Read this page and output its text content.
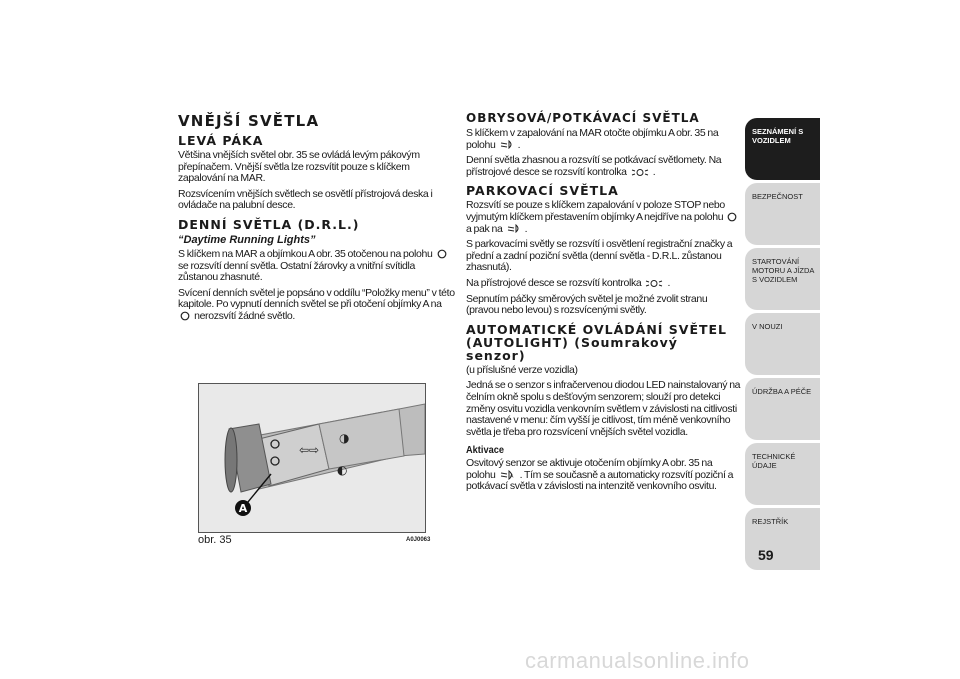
VNĚJŠÍ SVĚTLA
LEVÁ PÁKA

Většina vnějších světel obr. 35 se ovládá levým pákovým přepínačem. Vnější světla lze rozsvítit pouze s klíčkem zapalování na MAR.

Rozsvícením vnějších světlech se osvětlí přístrojová deska i ovládače na palubní desce.

DENNÍ SVĚTLA (D.R.L.)
“Daytime Running Lights”

S klíčkem na MAR a objímkou A obr. 35 otočenou na polohu  se rozsvítí denní světla. Ostatní žárovky a vnitřní svítidla zůstanou zhasnuté.

Svícení denních světel je popsáno v oddílu “Položky menu” v této kapitole. Po vypnutí denních světel se při otočení objímky A na  nerozsvítí žádné světlo.

⇦⇨
◑
◐
A
obr. 35	A0J0063
OBRYSOVÁ/POTKÁVACÍ SVĚTLA

S klíčkem v zapalování na MAR otočte objímku A obr. 35 na polohu .

Denní světla zhasnou a rozsvítí se potkávací světlomety. Na přístrojové desce se rozsvítí kontrolka .

PARKOVACÍ SVĚTLA

Rozsvítí se pouze s klíčkem zapalování v poloze STOP nebo vyjmutým klíčkem přestavením objímky A nejdříve na polohu  a pak na .

S parkovacími světly se rozsvítí i osvětlení registrační značky a přední a zadní poziční světla (denní světla - D.R.L. zůstanou zhasnutá).

Na přístrojové desce se rozsvítí kontrolka .

Sepnutím páčky směrových světel je možné zvolit stranu (pravou nebo levou) s rozsvícenými světly.

AUTOMATICKÉ OVLÁDÁNÍ SVĚTEL
(AUTOLIGHT) (Soumrakový senzor)

(u příslušné verze vozidla)

Jedná se o senzor s infračervenou diodou LED nainstalovaný na čelním okně spolu s dešťovým senzorem; slouží pro detekci změny osvitu vozidla venkovním světlem v závislosti na citlivosti nastavené v menu: čím vyšší je citlivost, tím méně venkovního světla je třeba pro rozsvícení vnějších světel vozidla.

Aktivace

Osvitový senzor se aktivuje otočením objímky A obr. 35 na polohu	A . Tím se současně a automaticky rozsvítí poziční a potkávací světla v závislosti na intenzitě venkovního osvitu.

SEZNÁMENÍ S VOZIDLEM
BEZPEČNOST
STARTOVÁNÍ MOTORU A JÍZDA S VOZIDLEM
V NOUZI
ÚDRŽBA A PÉČE
TECHNICKÉ ÚDAJE
REJSTŘÍK
59
carmanualsonline.info
